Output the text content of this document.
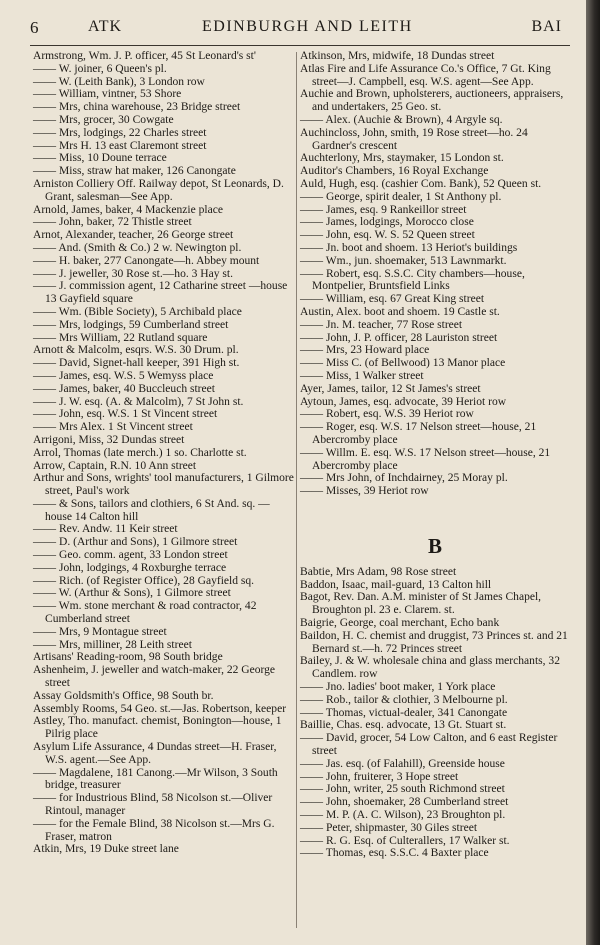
6	ATK	EDINBURGH AND LEITH	BAI
Armstrong, Wm. J. P. officer, 45 St Leonard's st'
—— W. joiner, 6 Queen's pl.
—— W. (Leith Bank), 3 London row
—— William, vintner, 53 Shore
—— Mrs, china warehouse, 23 Bridge street
—— Mrs, grocer, 30 Cowgate
—— Mrs, lodgings, 22 Charles street
—— Mrs H. 13 east Claremont street
—— Miss, 10 Doune terrace
—— Miss, straw hat maker, 126 Canongate
Arniston Colliery Off. Railway depot, St Leonards, D. Grant, salesman—See App.
Arnold, James, baker, 4 Mackenzie place
—— John, baker, 72 Thistle street
Arnot, Alexander, teacher, 26 George street
—— And. (Smith & Co.) 2 w. Newington pl.
—— H. baker, 277 Canongate—h. Abbey mount
—— J. jeweller, 30 Rose st.—ho. 3 Hay st.
—— J. commission agent, 12 Catharine street —house 13 Gayfield square
—— Wm. (Bible Society), 5 Archibald place
—— Mrs, lodgings, 59 Cumberland street
—— Mrs William, 22 Rutland square
Arnott & Malcolm, esqrs. W.S. 30 Drum. pl.
—— David, Signet-hall keeper, 391 High st.
—— James, esq. W.S. 5 Wemyss place
—— James, baker, 40 Buccleuch street
—— J. W. esq. (A. & Malcolm), 7 St John st.
—— John, esq. W.S. 1 St Vincent street
—— Mrs Alex. 1 St Vincent street
Arrigoni, Miss, 32 Dundas street
Arrol, Thomas (late merch.) 1 so. Charlotte st.
Arrow, Captain, R.N. 10 Ann street
Arthur and Sons, wrights' tool manufacturers, 1 Gilmore street, Paul's work
—— & Sons, tailors and clothiers, 6 St And. sq. —house 14 Calton hill
—— Rev. Andw. 11 Keir street
—— D. (Arthur and Sons), 1 Gilmore street
—— Geo. comm. agent, 33 London street
—— John, lodgings, 4 Roxburghe terrace
—— Rich. (of Register Office), 28 Gayfield sq.
—— W. (Arthur & Sons), 1 Gilmore street
—— Wm. stone merchant & road contractor, 42 Cumberland street
—— Mrs, 9 Montague street
—— Mrs, milliner, 28 Leith street
Artisans' Reading-room, 98 South bridge
Ashenheim, J. jeweller and watch-maker, 22 George street
Assay Goldsmith's Office, 98 South br.
Assembly Rooms, 54 Geo. st.—Jas. Robertson, keeper
Astley, Tho. manufact. chemist, Bonington—house, 1 Pilrig place
Asylum Life Assurance, 4 Dundas street—H. Fraser, W.S. agent.—See App.
—— Magdalene, 181 Canong.—Mr Wilson, 3 South bridge, treasurer
—— for Industrious Blind, 58 Nicolson st.—Oliver Rintoul, manager
—— for the Female Blind, 38 Nicolson st.—Mrs G. Fraser, matron
Atkin, Mrs, 19 Duke street lane
Atkinson, Mrs, midwife, 18 Dundas street
Atlas Fire and Life Assurance Co.'s Office, 7 Gt. King street—J. Campbell, esq. W.S. agent—See App.
Auchie and Brown, upholsterers, auctioneers, appraisers, and undertakers, 25 Geo. st.
—— Alex. (Auchie & Brown), 4 Argyle sq.
Auchincloss, John, smith, 19 Rose street—ho. 24 Gardner's crescent
Auchterlony, Mrs, staymaker, 15 London st.
Auditor's Chambers, 16 Royal Exchange
Auld, Hugh, esq. (cashier Com. Bank), 52 Queen st.
—— George, spirit dealer, 1 St Anthony pl.
—— James, esq. 9 Rankeillor street
—— James, lodgings, Morocco close
—— John, esq. W. S. 52 Queen street
—— Jn. boot and shoem. 13 Heriot's buildings
—— Wm., jun. shoemaker, 513 Lawnmarkt.
—— Robert, esq. S.S.C. City chambers—house, Montpelier, Bruntsfield Links
—— William, esq. 67 Great King street
Austin, Alex. boot and shoem. 19 Castle st.
—— Jn. M. teacher, 77 Rose street
—— John, J. P. officer, 28 Lauriston street
—— Mrs, 23 Howard place
—— Miss C. (of Bellwood) 13 Manor place
—— Miss, 1 Walker street
Ayer, James, tailor, 12 St James's street
Aytoun, James, esq. advocate, 39 Heriot row
—— Robert, esq. W.S. 39 Heriot row
—— Roger, esq. W.S. 17 Nelson street—house, 21 Abercromby place
—— Willm. E. esq. W.S. 17 Nelson street—house, 21 Abercromby place
—— Mrs John, of Inchdairney, 25 Moray pl.
—— Misses, 39 Heriot row
B
Babtie, Mrs Adam, 98 Rose street
Baddon, Isaac, mail-guard, 13 Calton hill
Bagot, Rev. Dan. A.M. minister of St James Chapel, Broughton pl. 23 e. Clarem. st.
Baigrie, George, coal merchant, Echo bank
Baildon, H. C. chemist and druggist, 73 Princes st. and 21 Bernard st.—h. 72 Princes street
Bailey, J. & W. wholesale china and glass merchants, 32 Candlem. row
—— Jno. ladies' boot maker, 1 York place
—— Rob., tailor & clothier, 3 Melbourne pl.
—— Thomas, victual-dealer, 341 Canongate
Baillie, Chas. esq. advocate, 13 Gt. Stuart st.
—— David, grocer, 54 Low Calton, and 6 east Register street
—— Jas. esq. (of Falahill), Greenside house
—— John, fruiterer, 3 Hope street
—— John, writer, 25 south Richmond street
—— John, shoemaker, 28 Cumberland street
—— M. P. (A. C. Wilson), 23 Broughton pl.
—— Peter, shipmaster, 30 Giles street
—— R. G. Esq. of Culterallers, 17 Walker st.
—— Thomas, esq. S.S.C. 4 Baxter place
